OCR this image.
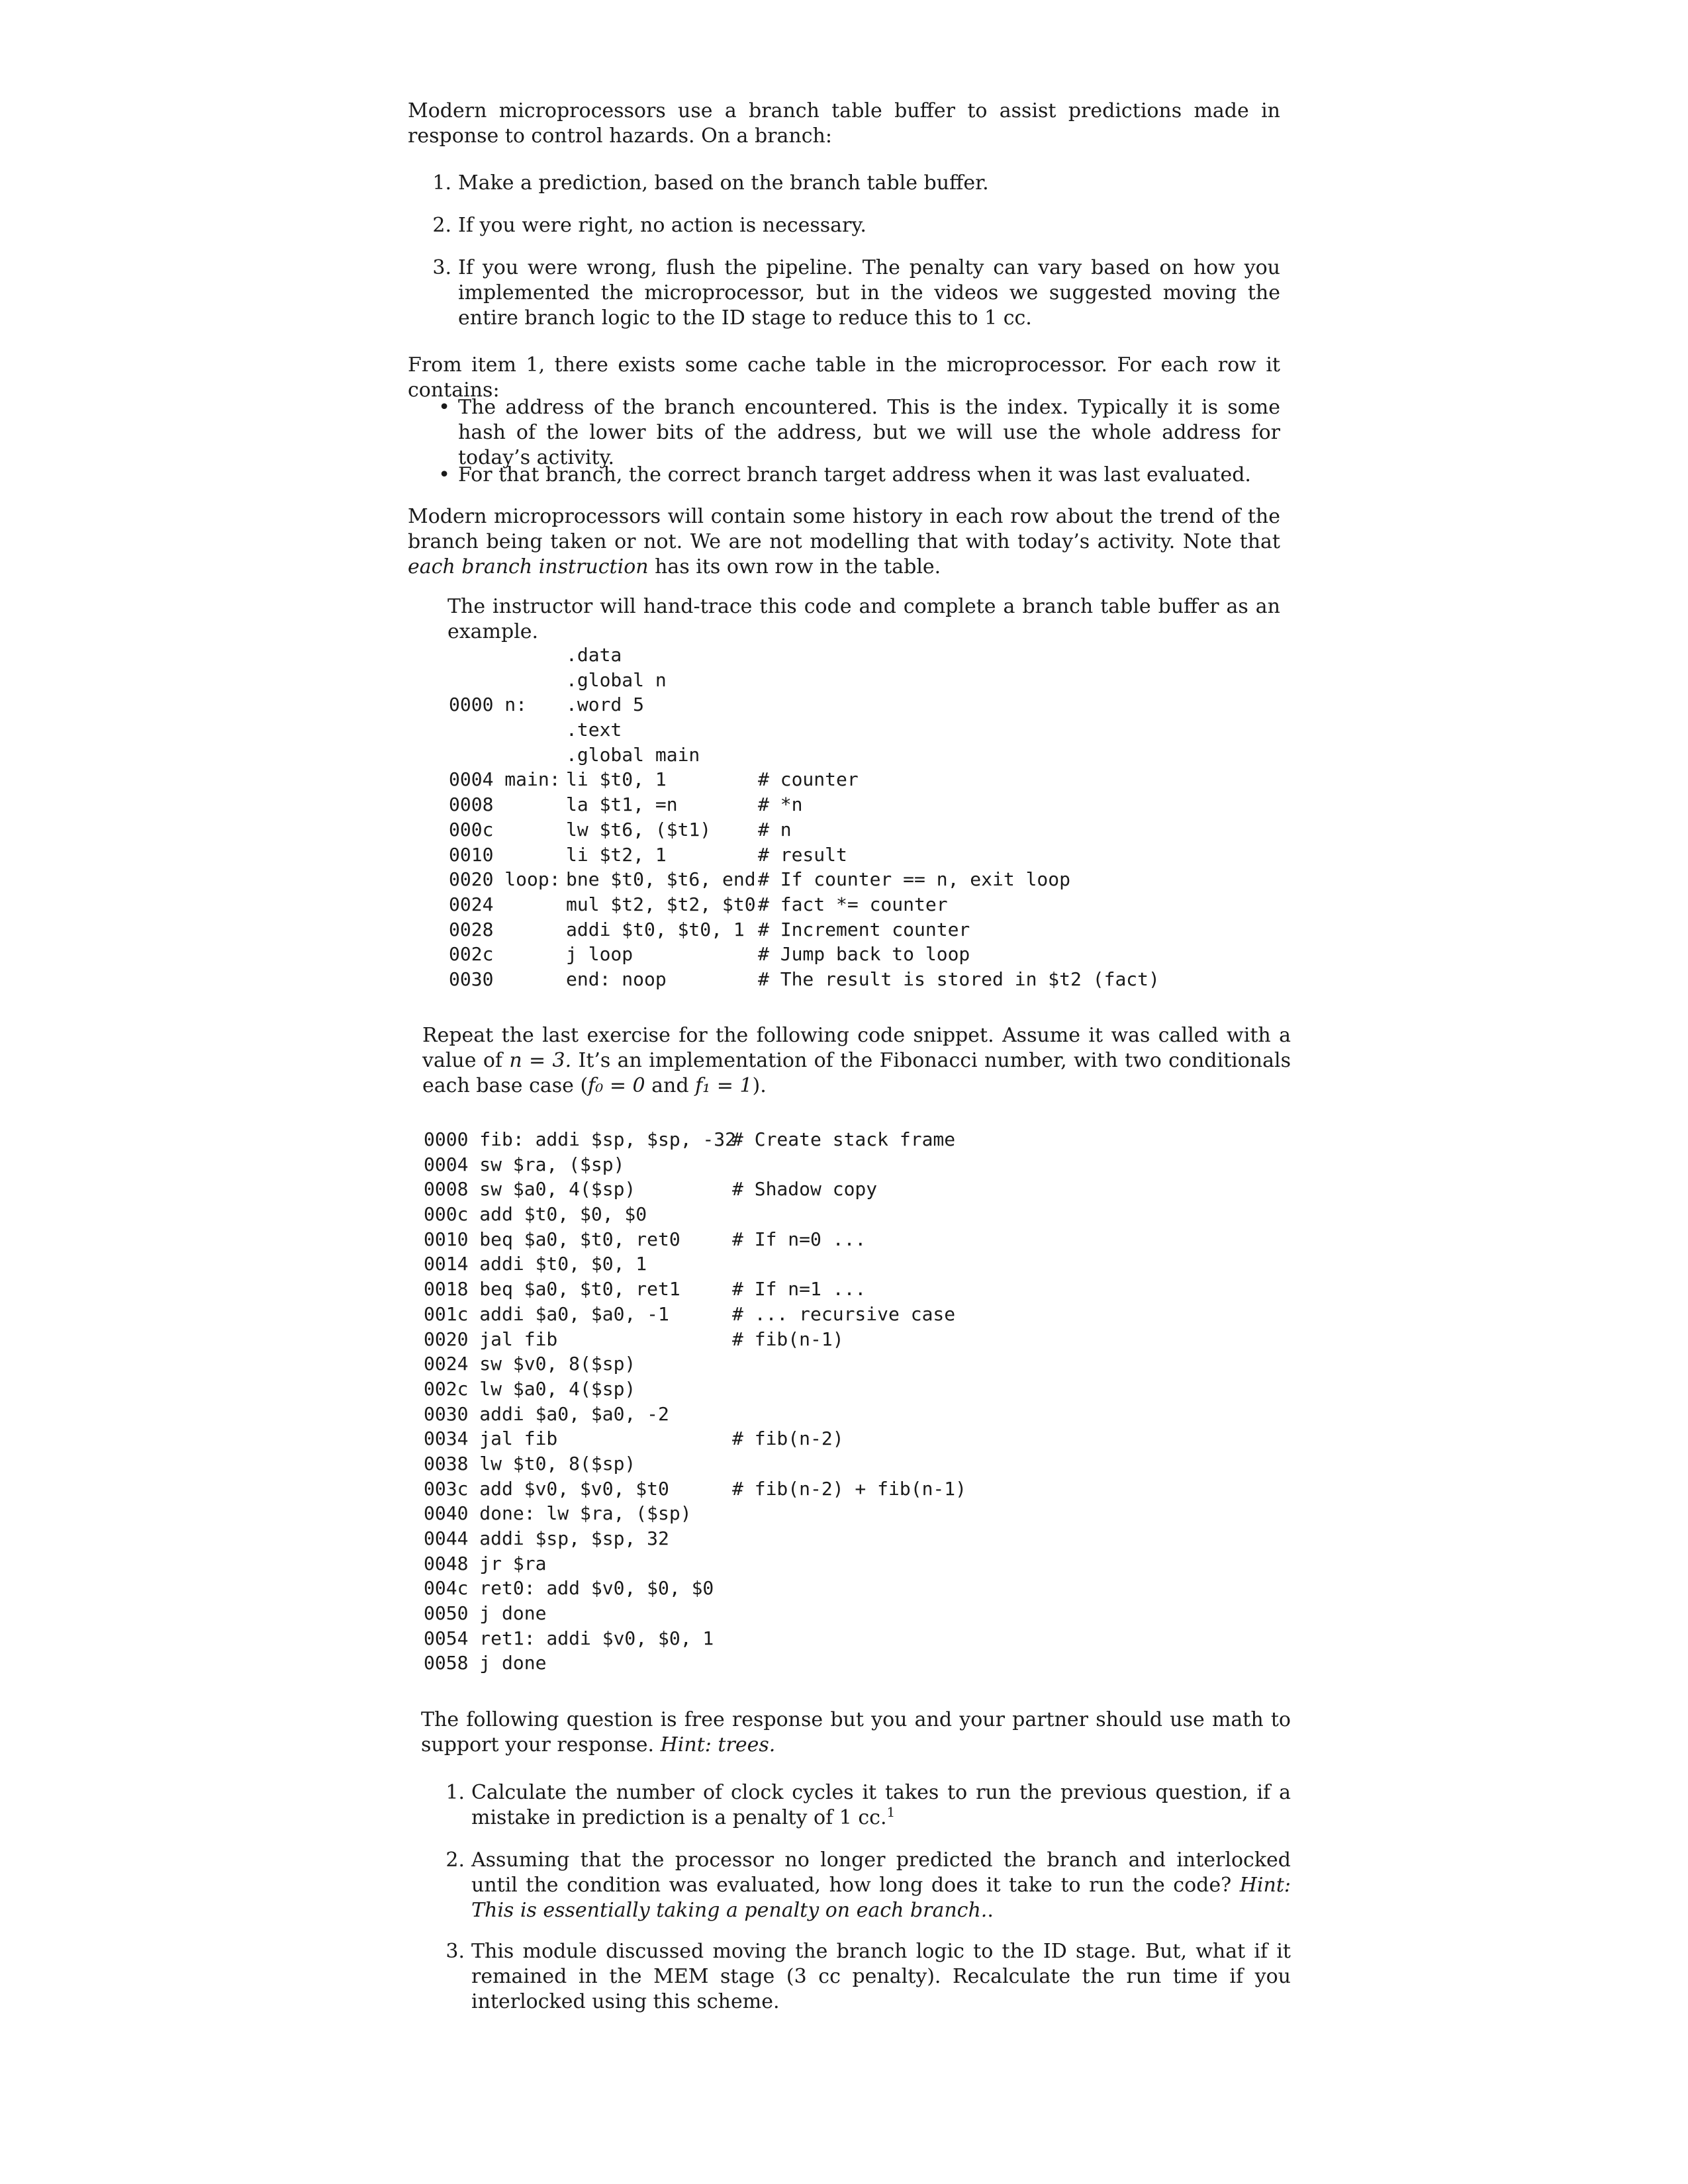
Modern microprocessors use a branch table buffer to assist predictions made in response to control hazards. On a branch:

1. Make a prediction, based on the branch table buffer.
2. If you were right, no action is necessary.
3. If you were wrong, flush the pipeline. The penalty can vary based on how you implemented the microprocessor, but in the videos we suggested moving the entire branch logic to the ID stage to reduce this to 1 cc.

From item 1, there exists some cache table in the microprocessor. For each row it contains:

• The address of the branch encountered. This is the index. Typically it is some hash of the lower bits of the address, but we will use the whole address for today’s activity.
• For that branch, the correct branch target address when it was last evaluated.

Modern microprocessors will contain some history in each row about the trend of the branch being taken or not. We are not modelling that with today’s activity. Note that each branch instruction has its own row in the table.

The instructor will hand-trace this code and complete a branch table buffer as an example.

.data
.global n
0000 n: .word 5
.text
.global main
0004 main: li $t0, 1	# counter
0008	la $t1, =n	# *n
000c	lw $t6, ($t1)	# n
0010	li $t2, 1	# result
0020 loop: bne $t0, $t6, end # If counter == n, exit loop
0024	mul $t2, $t2, $t0 # fact *= counter
0028	addi $t0, $t0, 1 # Increment counter
002c	j loop	# Jump back to loop
0030	end: noop	# The result is stored in $t2 (fact)

Repeat the last exercise for the following code snippet. Assume it was called with a value of n = 3. It’s an implementation of the Fibonacci number, with two conditionals each base case (f₀ = 0 and f₁ = 1).

0000 fib: addi $sp, $sp, -32# Create stack frame
0004 sw $ra, ($sp)
0008 sw $a0, 4($sp)	# Shadow copy
000c add $t0, $0, $0
0010 beq $a0, $t0, ret0	# If n=0 ...
0014 addi $t0, $0, 1
0018 beq $a0, $t0, ret1	# If n=1 ...
001c addi $a0, $a0, -1	# ... recursive case
0020 jal fib	# fib(n-1)
0024 sw $v0, 8($sp)
002c lw $a0, 4($sp)
0030 addi $a0, $a0, -2
0034 jal fib	# fib(n-2)
0038 lw $t0, 8($sp)
003c add $v0, $v0, $t0	# fib(n-2) + fib(n-1)
0040 done: lw $ra, ($sp)
0044 addi $sp, $sp, 32
0048 jr $ra
004c ret0: add $v0, $0, $0
0050 j done
0054 ret1: addi $v0, $0, 1
0058 j done

The following question is free response but you and your partner should use math to support your response. Hint: trees.

1. Calculate the number of clock cycles it takes to run the previous question, if a mistake in prediction is a penalty of 1 cc.$^1$
2. Assuming that the processor no longer predicted the branch and interlocked until the condition was evaluated, how long does it take to run the code? Hint: This is essentially taking a penalty on each branch..
3. This module discussed moving the branch logic to the ID stage. But, what if it remained in the MEM stage (3 cc penalty). Recalculate the run time if you interlocked using this scheme.
